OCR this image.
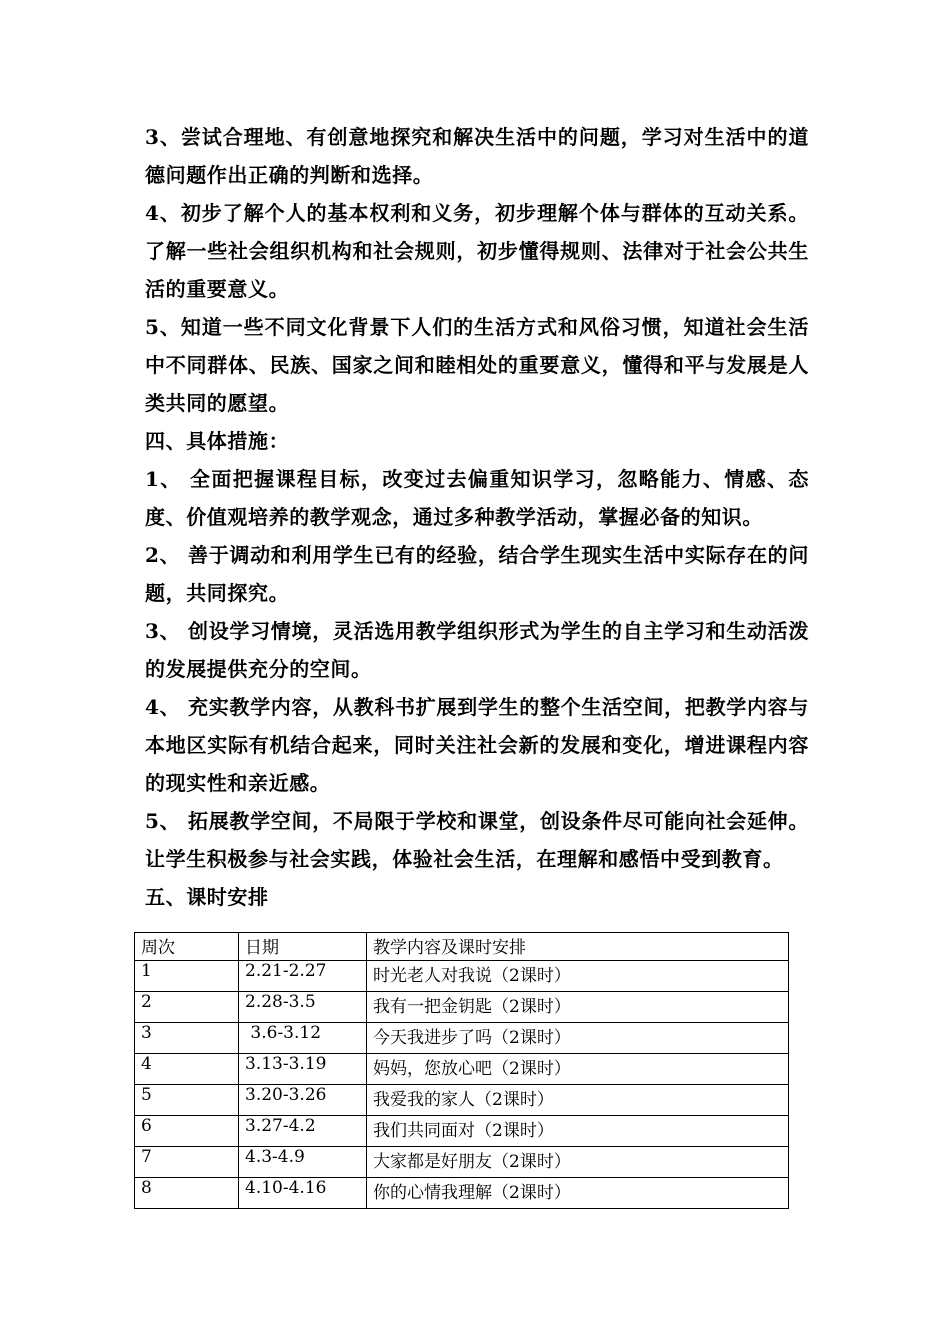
3、尝试合理地、有创意地探究和解决生活中的问题，学习对生活中的道德问题作出正确的判断和选择。

4、初步了解个人的基本权利和义务，初步理解个体与群体的互动关系。了解一些社会组织机构和社会规则，初步懂得规则、法律对于社会公共生活的重要意义。

5、知道一些不同文化背景下人们的生活方式和风俗习惯，知道社会生活中不同群体、民族、国家之间和睦相处的重要意义，懂得和平与发展是人类共同的愿望。

四、具体措施：

1、 全面把握课程目标，改变过去偏重知识学习，忽略能力、情感、态度、价值观培养的教学观念，通过多种教学活动，掌握必备的知识。

2、 善于调动和利用学生已有的经验，结合学生现实生活中实际存在的问题，共同探究。

3、 创设学习情境，灵活选用教学组织形式为学生的自主学习和生动活泼的发展提供充分的空间。

4、 充实教学内容，从教科书扩展到学生的整个生活空间，把教学内容与本地区实际有机结合起来，同时关注社会新的发展和变化，增进课程内容的现实性和亲近感。

5、 拓展教学空间，不局限于学校和课堂，创设条件尽可能向社会延伸。让学生积极参与社会实践，体验社会生活，在理解和感悟中受到教育。

五、课时安排

周次	日期	教学内容及课时安排
1	2.21-2.27	时光老人对我说（2课时）
2	2.28-3.5	我有一把金钥匙（2课时）
3	3.6-3.12	今天我进步了吗（2课时）
4	3.13-3.19	妈妈，您放心吧（2课时）
5	3.20-3.26	我爱我的家人（2课时）
6	3.27-4.2	我们共同面对（2课时）
7	4.3-4.9	大家都是好朋友（2课时）
8	4.10-4.16	你的心情我理解（2课时）
